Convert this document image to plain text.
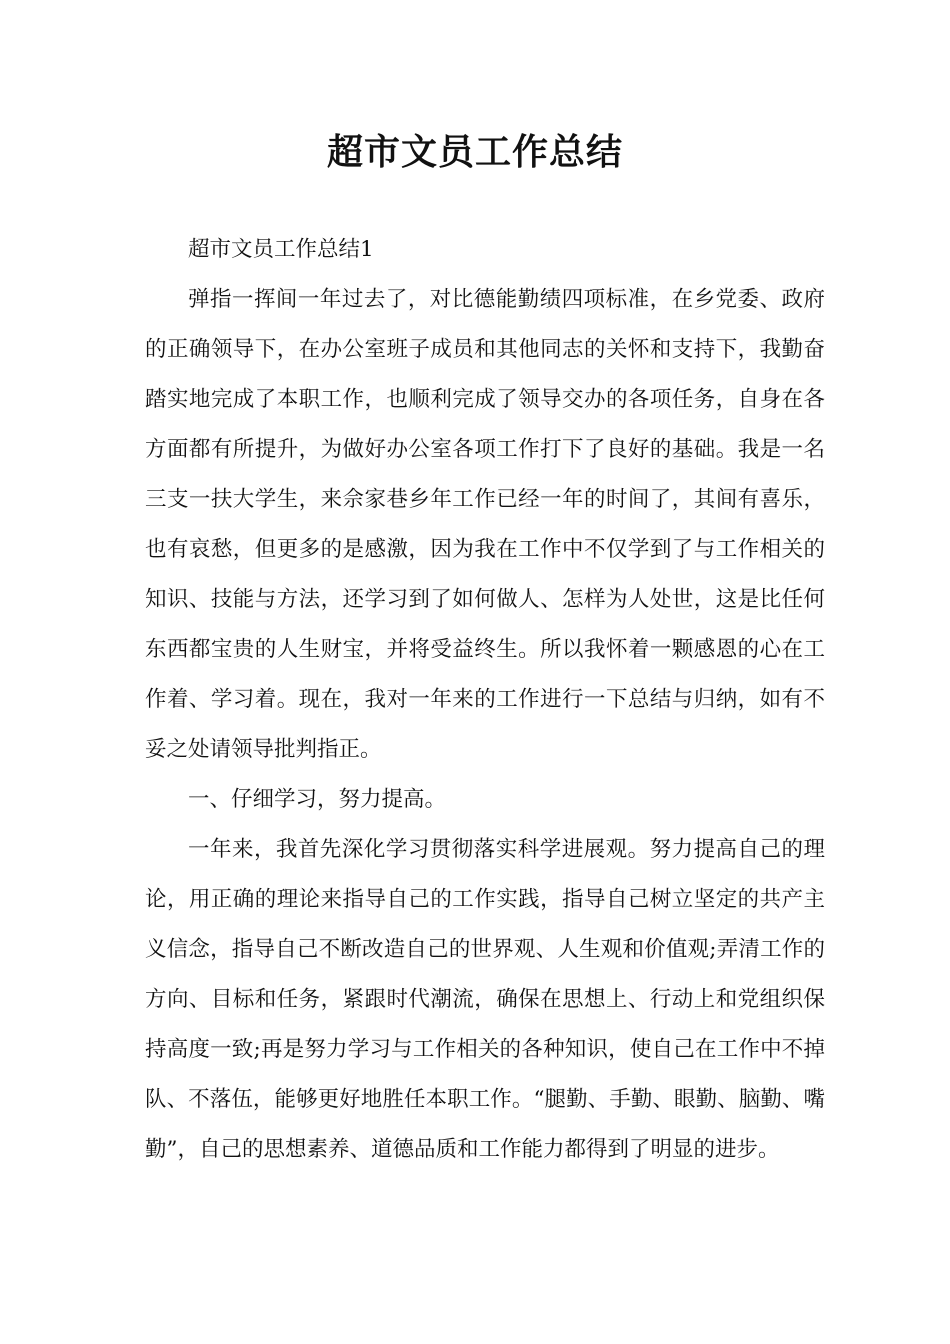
超市文员工作总结

超市文员工作总结1

弹指一挥间一年过去了，对比德能勤绩四项标准，在乡党委、政府的正确领导下，在办公室班子成员和其他同志的关怀和支持下，我勤奋踏实地完成了本职工作，也顺利完成了领导交办的各项任务，自身在各方面都有所提升，为做好办公室各项工作打下了良好的基础。我是一名三支一扶大学生，来佘家巷乡年工作已经一年的时间了，其间有喜乐，也有哀愁，但更多的是感激，因为我在工作中不仅学到了与工作相关的知识、技能与方法，还学习到了如何做人、怎样为人处世，这是比任何东西都宝贵的人生财宝，并将受益终生。所以我怀着一颗感恩的心在工作着、学习着。现在，我对一年来的工作进行一下总结与归纳，如有不妥之处请领导批判指正。

一、仔细学习，努力提高。

一年来，我首先深化学习贯彻落实科学进展观。努力提高自己的理论，用正确的理论来指导自己的工作实践，指导自己树立坚定的共产主义信念，指导自己不断改造自己的世界观、人生观和价值观;弄清工作的方向、目标和任务，紧跟时代潮流，确保在思想上、行动上和党组织保持高度一致;再是努力学习与工作相关的各种知识，使自己在工作中不掉队、不落伍，能够更好地胜任本职工作。“腿勤、手勤、眼勤、脑勤、嘴勤”，自己的思想素养、道德品质和工作能力都得到了明显的进步。
